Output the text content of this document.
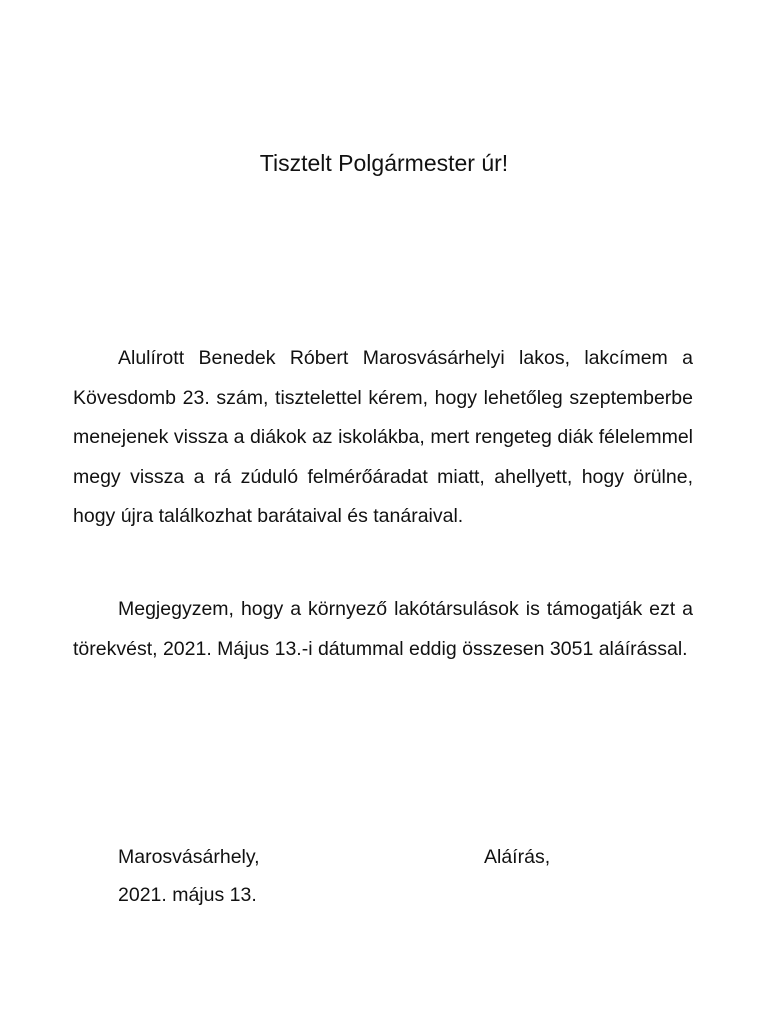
Tisztelt Polgármester úr!

Alulírott Benedek Róbert Marosvásárhelyi lakos, lakcímem a Kövesdomb 23. szám, tisztelettel kérem, hogy lehetőleg szeptemberbe menejenek vissza a diákok az iskolákba, mert rengeteg diák félelemmel megy vissza a rá zúduló felmérőáradat miatt, ahellyett, hogy örülne, hogy újra találkozhat barátaival és tanáraival.

Megjegyzem, hogy a környező lakótársulások is támogatják ezt a törekvést, 2021. Május 13.-i dátummal eddig összesen 3051 aláírással.

Marosvásárhely,

2021. május 13.

Aláírás,
